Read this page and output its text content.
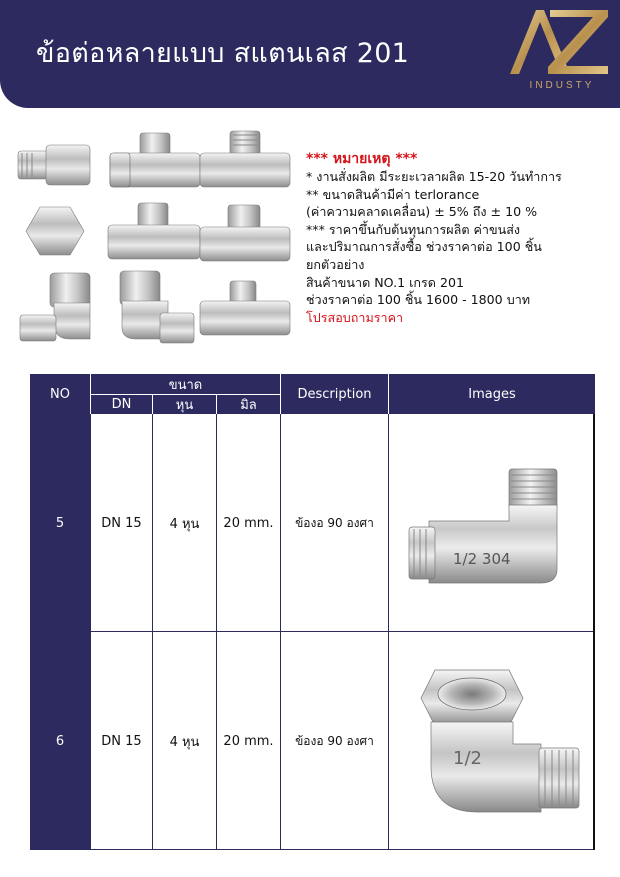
ข้อต่อหลายแบบ สแตนเลส 201
INDUSTY
*** หมายเหตุ ***
* งานสั่งผลิต มีระยะเวลาผลิต 15-20 วันทำการ
** ขนาดสินค้ามีค่า terlorance
(ค่าความคลาดเคลื่อน) ± 5% ถึง ± 10 %
*** ราคาขึ้นกับต้นทุนการผลิต ค่าขนส่ง
และปริมาณการสั่งซื้อ ช่วงราคาต่อ 100 ชิ้น
ยกตัวอย่าง
สินค้าขนาด NO.1 เกรด 201
ช่วงราคาต่อ 100 ชิ้น 1600 - 1800 บาท
โปรสอบถามราคา
NO
ขนาด
DN	หุน	มิล
Description	Images
5	DN 15	4 หุน	20 mm.	ข้องอ 90 องศา
1/2 304
6	DN 15	4 หุน	20 mm.	ข้องอ 90 องศา
1/2
